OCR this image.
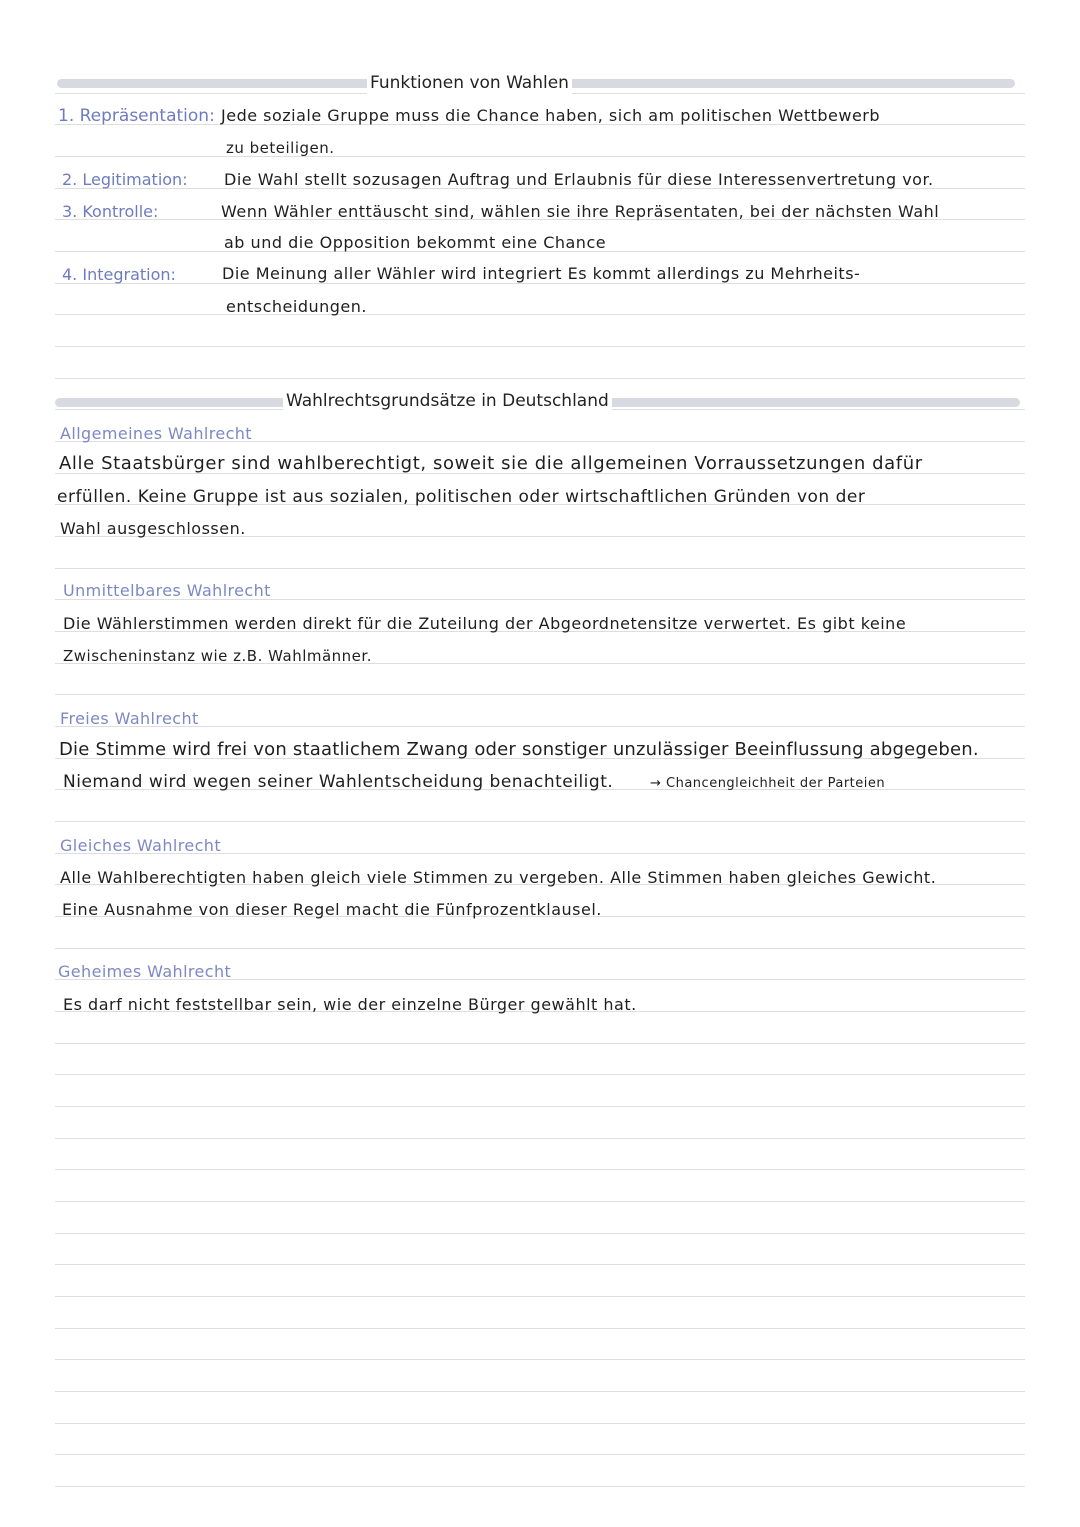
Funktionen von Wahlen
1. Repräsentation: Jede soziale Gruppe muss die Chance haben, sich am politischen Wettbewerb
zu beteiligen.
2. Legitimation: Die Wahl stellt sozusagen Auftrag und Erlaubnis für diese Interessenvertretung vor.
3. Kontrolle:	Wenn Wähler enttäuscht sind, wählen sie ihre Repräsentaten, bei der nächsten Wahl
ab und die Opposition bekommt eine Chance
4. Integration:	Die Meinung aller Wähler wird integriert Es kommt allerdings zu Mehrheits-
entscheidungen.
Wahlrechtsgrundsätze in Deutschland
Allgemeines Wahlrecht
Alle Staatsbürger sind wahlberechtigt, soweit sie die allgemeinen Vorraussetzungen dafür
erfüllen. Keine Gruppe ist aus sozialen, politischen oder wirtschaftlichen Gründen von der
Wahl ausgeschlossen.
Unmittelbares Wahlrecht
Die Wählerstimmen werden direkt für die Zuteilung der Abgeordnetensitze verwertet. Es gibt keine
Zwischeninstanz wie z.B. Wahlmänner.
Freies Wahlrecht
Die Stimme wird frei von staatlichem Zwang oder sonstiger unzulässiger Beeinflussung abgegeben.
Niemand wird wegen seiner Wahlentscheidung benachteiligt.	→ Chancengleichheit der Parteien
Gleiches Wahlrecht
Alle Wahlberechtigten haben gleich viele Stimmen zu vergeben. Alle Stimmen haben gleiches Gewicht.
Eine Ausnahme von dieser Regel macht die Fünfprozentklausel.
Geheimes Wahlrecht
Es darf nicht feststellbar sein, wie der einzelne Bürger gewählt hat.
